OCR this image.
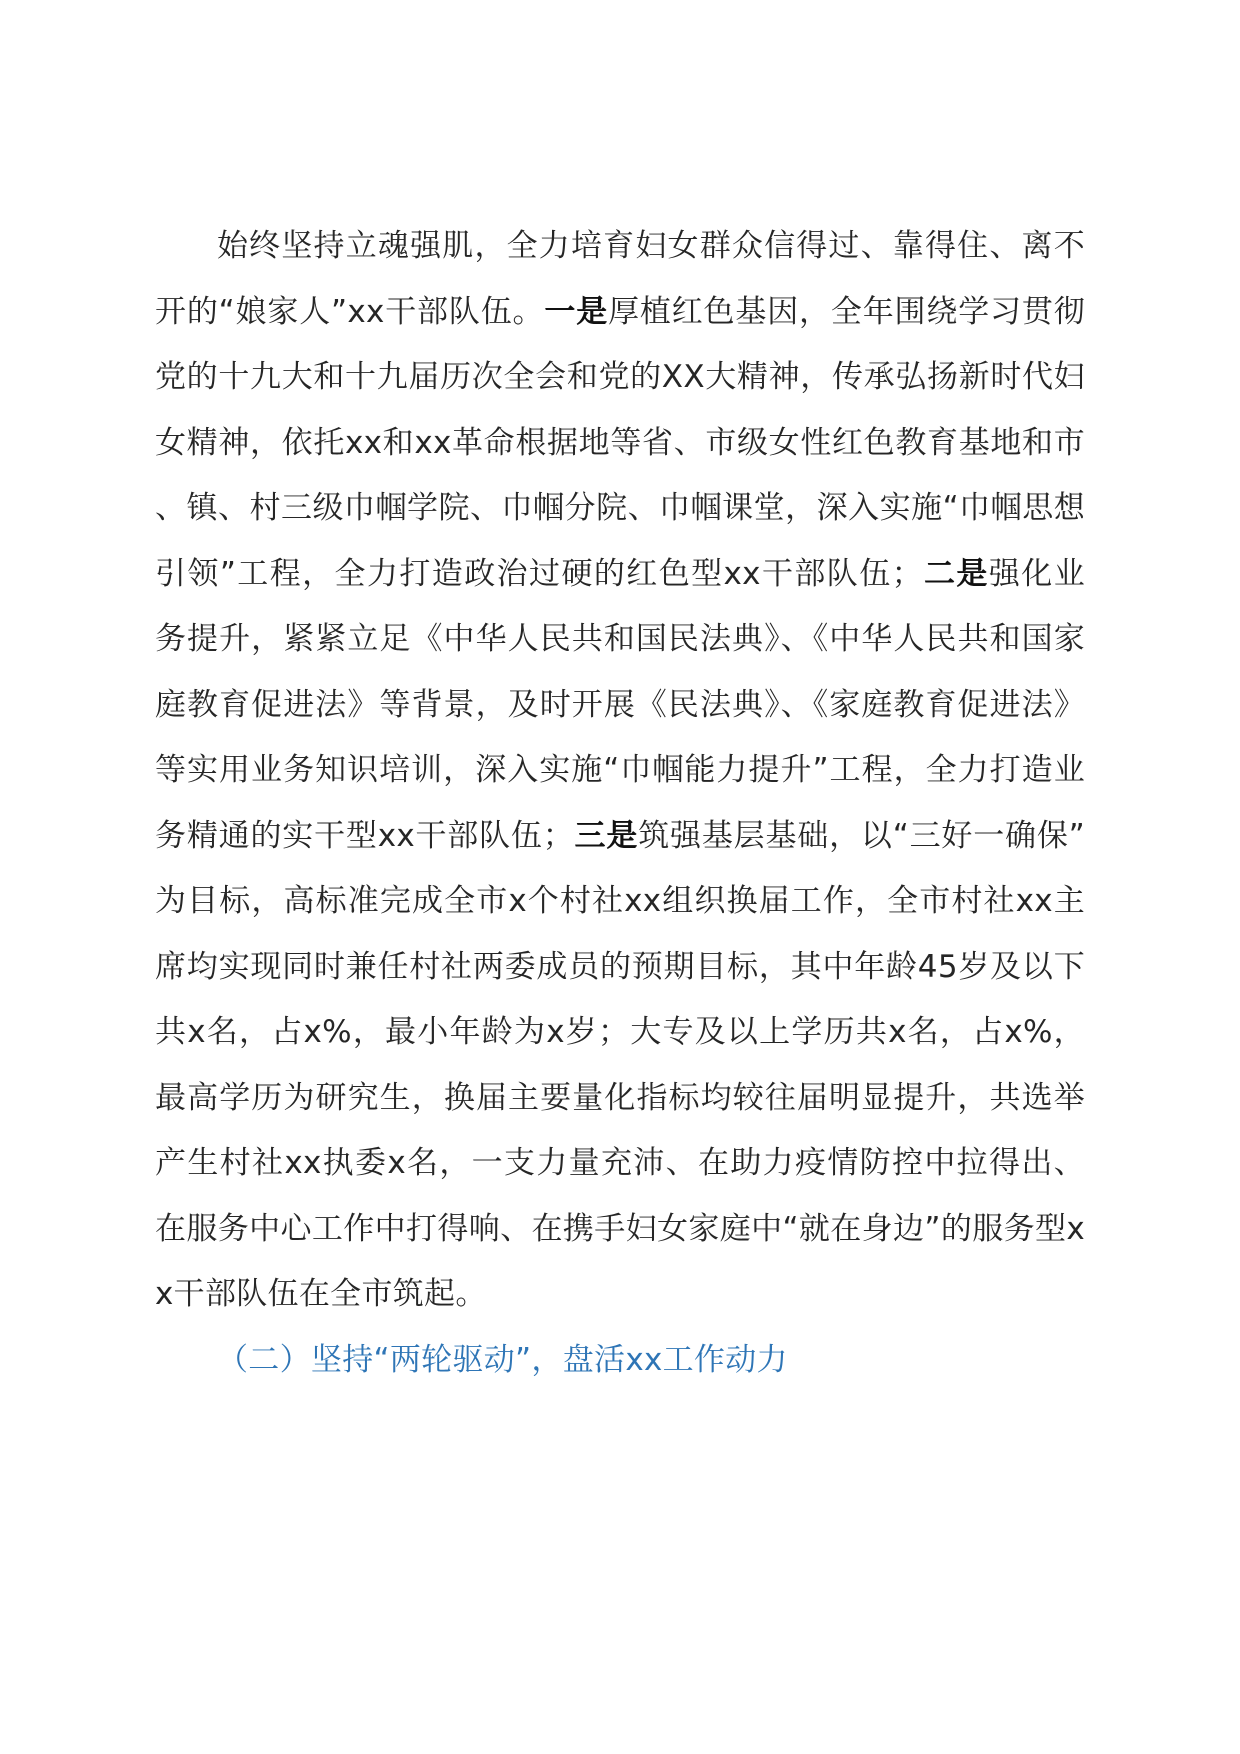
始终坚持立魂强肌，全力培育妇女群众信得过、靠得住、离不开的“娘家人”xx干部队伍。一是厚植红色基因，全年围绕学习贯彻党的十九大和十九届历次全会和党的XX大精神，传承弘扬新时代妇女精神，依托xx和xx革命根据地等省、市级女性红色教育基地和市、镇、村三级巾帼学院、巾帼分院、巾帼课堂，深入实施“巾帼思想引领”工程，全力打造政治过硬的红色型xx干部队伍；二是强化业务提升，紧紧立足《中华人民共和国民法典》、《中华人民共和国家庭教育促进法》等背景，及时开展《民法典》、《家庭教育促进法》等实用业务知识培训，深入实施“巾帼能力提升”工程，全力打造业务精通的实干型xx干部队伍；三是筑强基层基础，以“三好一确保”为目标，高标准完成全市x个村社xx组织换届工作，全市村社xx主席均实现同时兼任村社两委成员的预期目标，其中年龄45岁及以下共x名，占x%，最小年龄为x岁；大专及以上学历共x名，占x%，最高学历为研究生，换届主要量化指标均较往届明显提升，共选举产生村社xx执委x名，一支力量充沛、在助力疫情防控中拉得出、在服务中心工作中打得响、在携手妇女家庭中“就在身边”的服务型xx干部队伍在全市筑起。

（二）坚持“两轮驱动”，盘活xx工作动力
